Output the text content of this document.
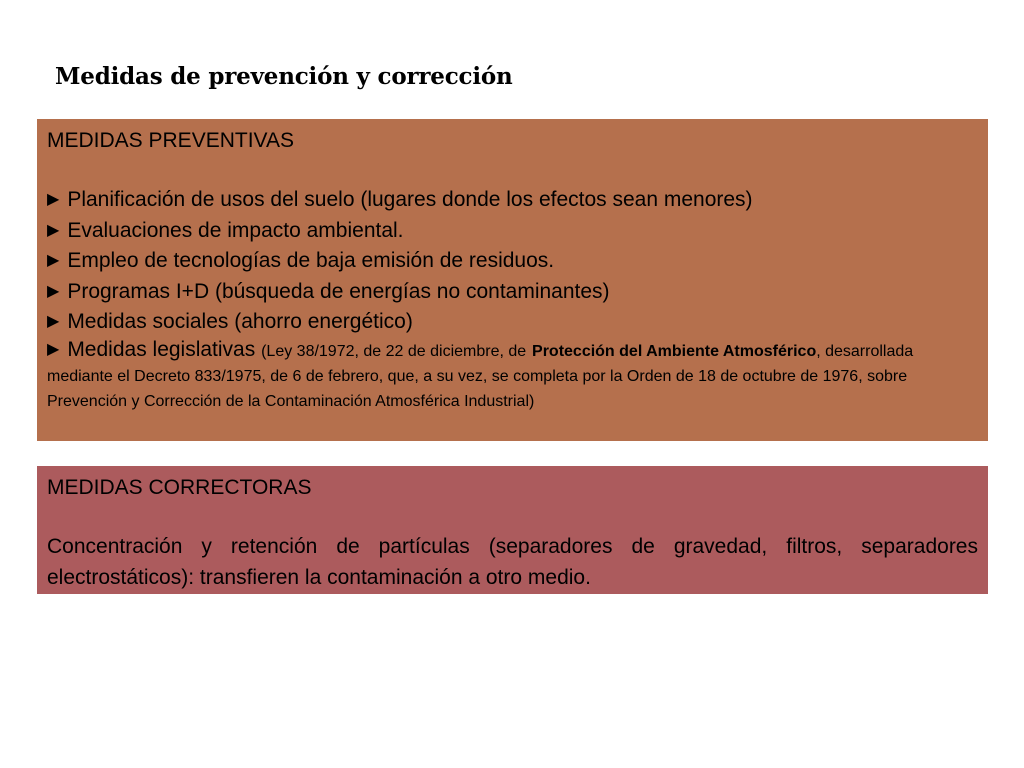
Medidas de prevención y corrección
MEDIDAS PREVENTIVAS
▶ Planificación de usos del suelo (lugares donde los efectos sean menores)
▶ Evaluaciones de impacto ambiental.
▶ Empleo de tecnologías de baja emisión de residuos.
▶ Programas I+D (búsqueda de energías no contaminantes)
▶ Medidas sociales (ahorro energético)
▶ Medidas legislativas (Ley 38/1972, de 22 de diciembre, de Protección del Ambiente Atmosférico, desarrollada mediante el Decreto 833/1975, de 6 de febrero, que, a su vez, se completa por la Orden de 18 de octubre de 1976, sobre Prevención y Corrección de la Contaminación Atmosférica Industrial)
MEDIDAS CORRECTORAS

Concentración y retención de partículas (separadores de gravedad, filtros, separadores electrostáticos): transfieren la contaminación a otro medio.
